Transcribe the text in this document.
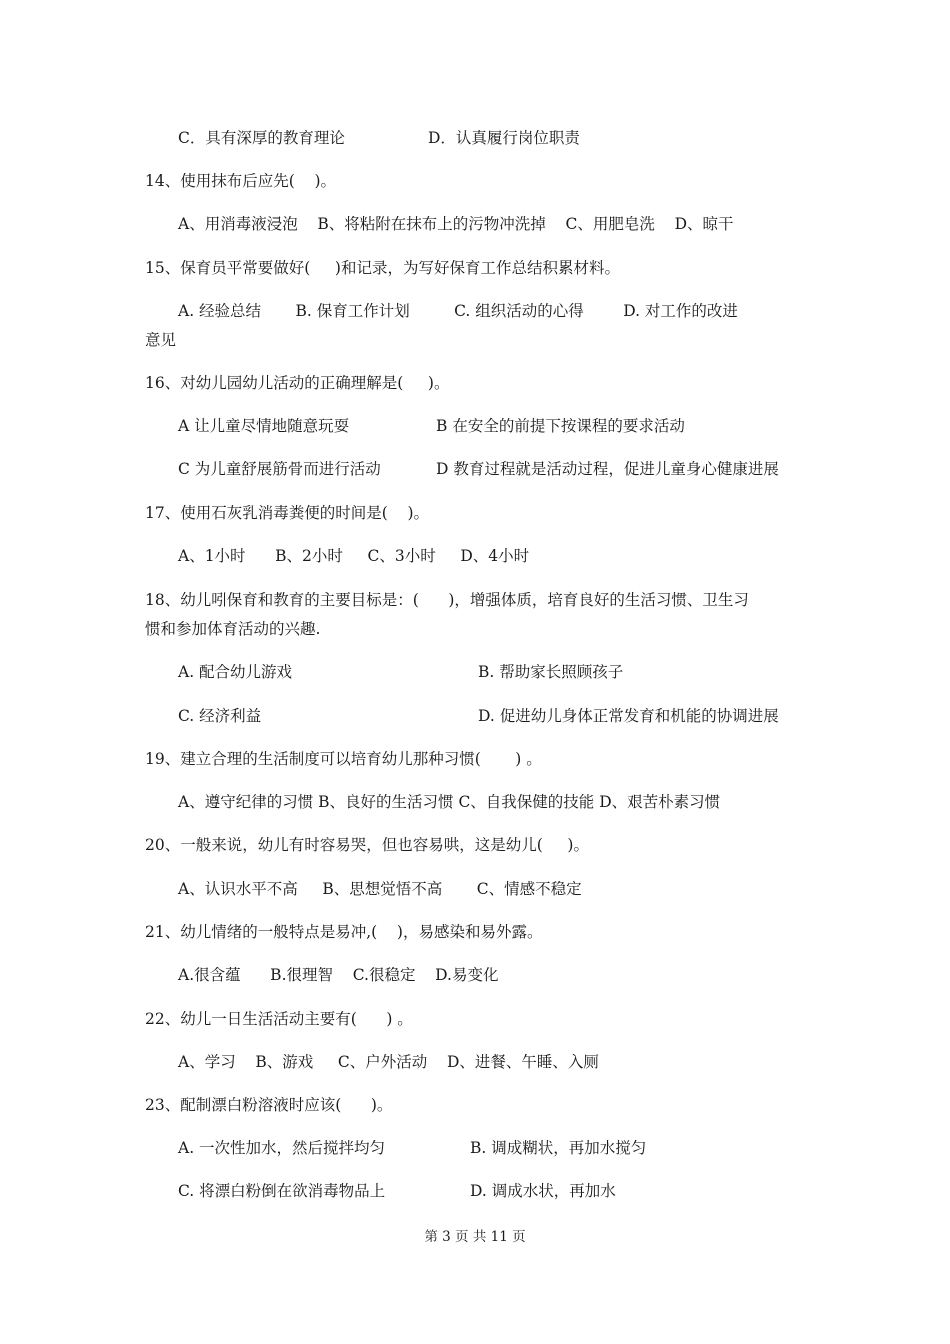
C．具有深厚的教育理论	D．认真履行岗位职责
14、使用抹布后应先(    )。
A、用消毒液浸泡    B、将粘附在抹布上的污物冲洗掉    C、用肥皂洗    D、晾干
15、保育员平常要做好(     )和记录，为写好保育工作总结积累材料。
A. 经验总结       B. 保育工作计划         C. 组织活动的心得        D. 对工作的改进
意见
16、对幼儿园幼儿活动的正确理解是(     )。
A 让儿童尽情地随意玩耍	B 在安全的前提下按课程的要求活动
C 为儿童舒展筋骨而进行活动	D 教育过程就是活动过程，促进儿童身心健康进展
17、使用石灰乳消毒粪便的时间是(    )。
A、1小时      B、2小时     C、3小时     D、4小时
18、幼儿吲保育和教育的主要目标是：(      )，增强体质，培育良好的生活习惯、卫生习
惯和参加体育活动的兴趣.
A. 配合幼儿游戏	B. 帮助家长照顾孩子
C. 经济利益	D. 促进幼儿身体正常发育和机能的协调进展
19、建立合理的生活制度可以培育幼儿那种习惯(       ) 。
A、遵守纪律的习惯 B、良好的生活习惯 C、自我保健的技能 D、艰苦朴素习惯
20、一般来说，幼儿有时容易哭，但也容易哄，这是幼儿(     )。
A、认识水平不高     B、思想觉悟不高       C、情感不稳定
21、幼儿情绪的一般特点是易冲,(    )，易感染和易外露。
A.很含蕴      B.很理智    C.很稳定    D.易变化
22、幼儿一日生活活动主要有(      ) 。
A、学习    B、游戏     C、户外活动    D、进餐、午睡、入厕
23、配制漂白粉溶液时应该(      )。
A. 一次性加水，然后搅拌均匀	B. 调成糊状，再加水搅匀
C. 将漂白粉倒在欲消毒物品上	D. 调成水状，再加水
第 3 页 共 11 页
